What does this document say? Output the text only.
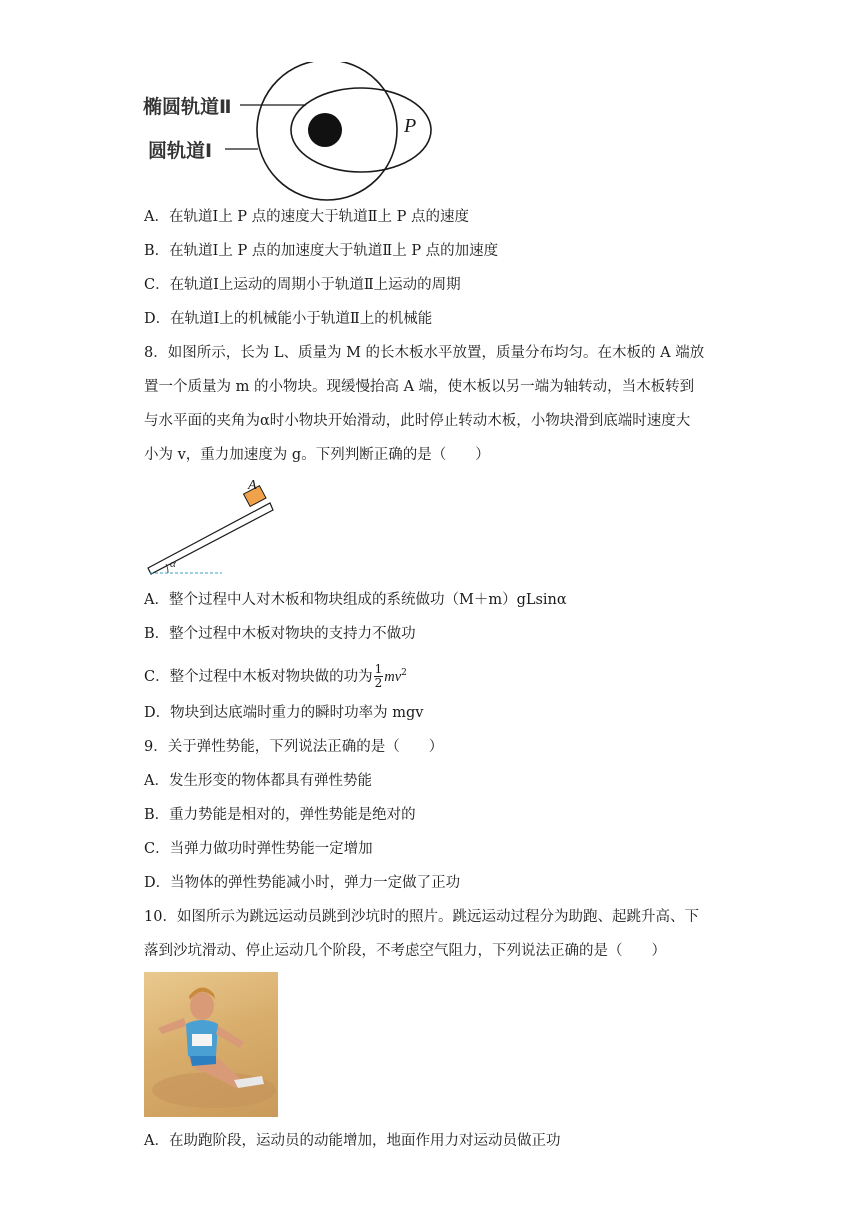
椭圆轨道Ⅱ
圆轨道Ⅰ
P
A．在轨道Ⅰ上 P 点的速度大于轨道Ⅱ上 P 点的速度
B．在轨道Ⅰ上 P 点的加速度大于轨道Ⅱ上 P 点的加速度
C．在轨道Ⅰ上运动的周期小于轨道Ⅱ上运动的周期
D．在轨道Ⅰ上的机械能小于轨道Ⅱ上的机械能
8．如图所示，长为 L、质量为 M 的长木板水平放置，质量分布均匀。在木板的 A 端放
置一个质量为 m 的小物块。现缓慢抬高 A 端，使木板以另一端为轴转动，当木板转到
与水平面的夹角为α时小物块开始滑动，此时停止转动木板，小物块滑到底端时速度大
小为 v，重力加速度为 g。下列判断正确的是（　　）
A
α
A．整个过程中人对木板和物块组成的系统做功（M＋m）gLsinα
B．整个过程中木板对物块的支持力不做功
C．整个过程中木板对物块做的功为 $\frac{1}{2} mv^2$
D．物块到达底端时重力的瞬时功率为 mgv
9．关于弹性势能，下列说法正确的是（　　）
A．发生形变的物体都具有弹性势能
B．重力势能是相对的，弹性势能是绝对的
C．当弹力做功时弹性势能一定增加
D．当物体的弹性势能减小时，弹力一定做了正功
10．如图所示为跳远运动员跳到沙坑时的照片。跳远运动过程分为助跑、起跳升高、下
落到沙坑滑动、停止运动几个阶段，不考虑空气阻力，下列说法正确的是（　　）
A．在助跑阶段，运动员的动能增加，地面作用力对运动员做正功
